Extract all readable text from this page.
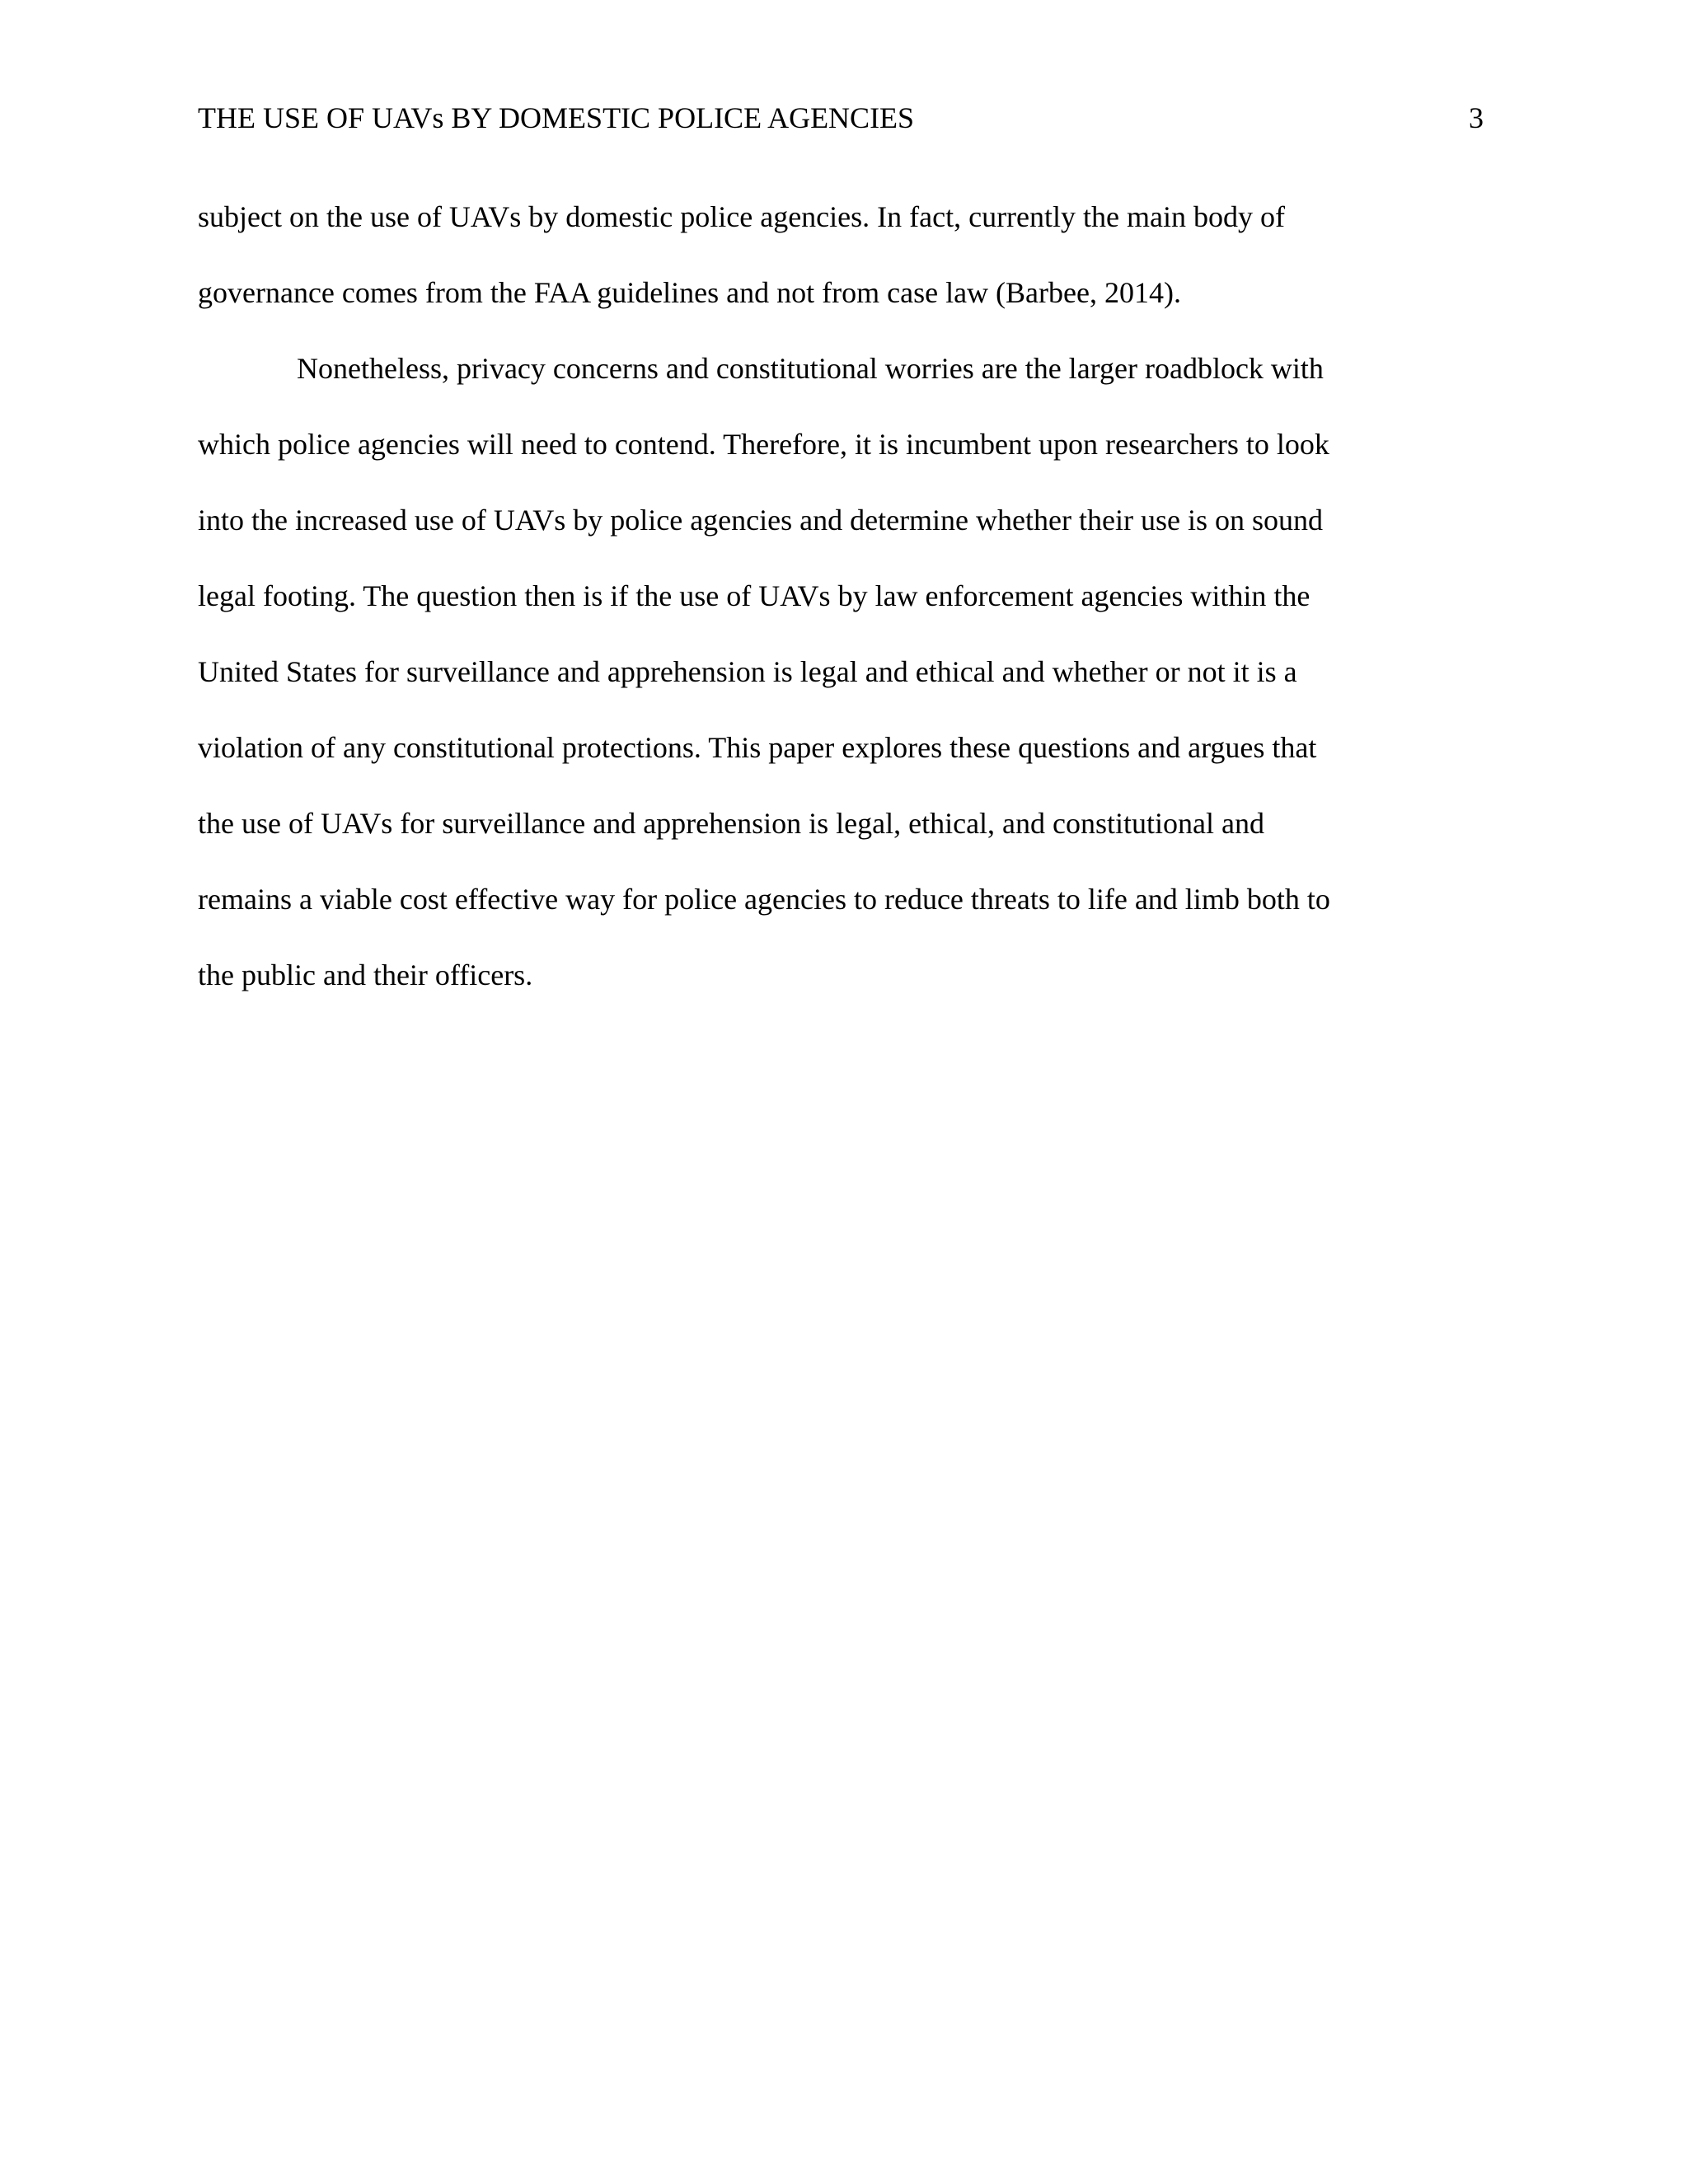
THE USE OF UAVs BY DOMESTIC POLICE AGENCIES	3
subject on the use of UAVs by domestic police agencies. In fact, currently the main body of
governance comes from the FAA guidelines and not from case law (Barbee, 2014).
Nonetheless, privacy concerns and constitutional worries are the larger roadblock with
which police agencies will need to contend. Therefore, it is incumbent upon researchers to look
into the increased use of UAVs by police agencies and determine whether their use is on sound
legal footing. The question then is if the use of UAVs by law enforcement agencies within the
United States for surveillance and apprehension is legal and ethical and whether or not it is a
violation of any constitutional protections. This paper explores these questions and argues that
the use of UAVs for surveillance and apprehension is legal, ethical, and constitutional and
remains a viable cost effective way for police agencies to reduce threats to life and limb both to
the public and their officers.
